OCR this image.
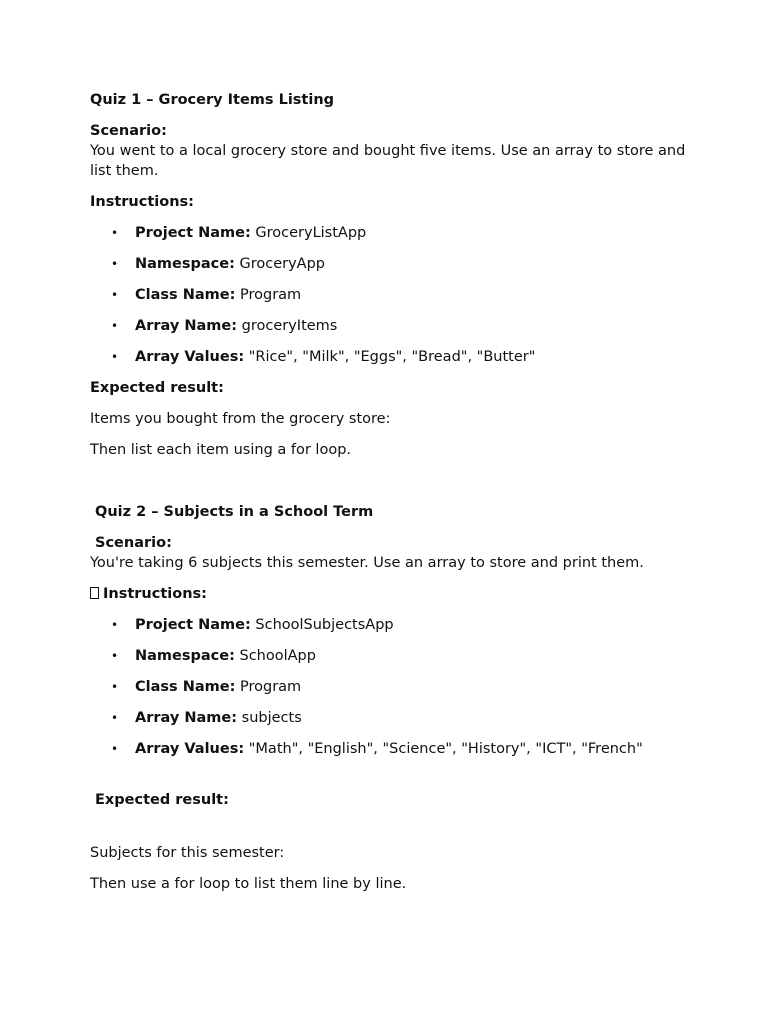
Quiz 1 – Grocery Items Listing

Scenario:

You went to a local grocery store and bought five items. Use an array to store and list them.

Instructions:

• Project Name: GroceryListApp
• Namespace: GroceryApp
• Class Name: Program
• Array Name: groceryItems
• Array Values: "Rice", "Milk", "Eggs", "Bread", "Butter"

Expected result:

Items you bought from the grocery store:

Then list each item using a for loop.

Quiz 2 – Subjects in a School Term

Scenario:

You're taking 6 subjects this semester. Use an array to store and print them.

Instructions:

• Project Name: SchoolSubjectsApp
• Namespace: SchoolApp
• Class Name: Program
• Array Name: subjects
• Array Values: "Math", "English", "Science", "History", "ICT", "French"

Expected result:

Subjects for this semester:

Then use a for loop to list them line by line.
